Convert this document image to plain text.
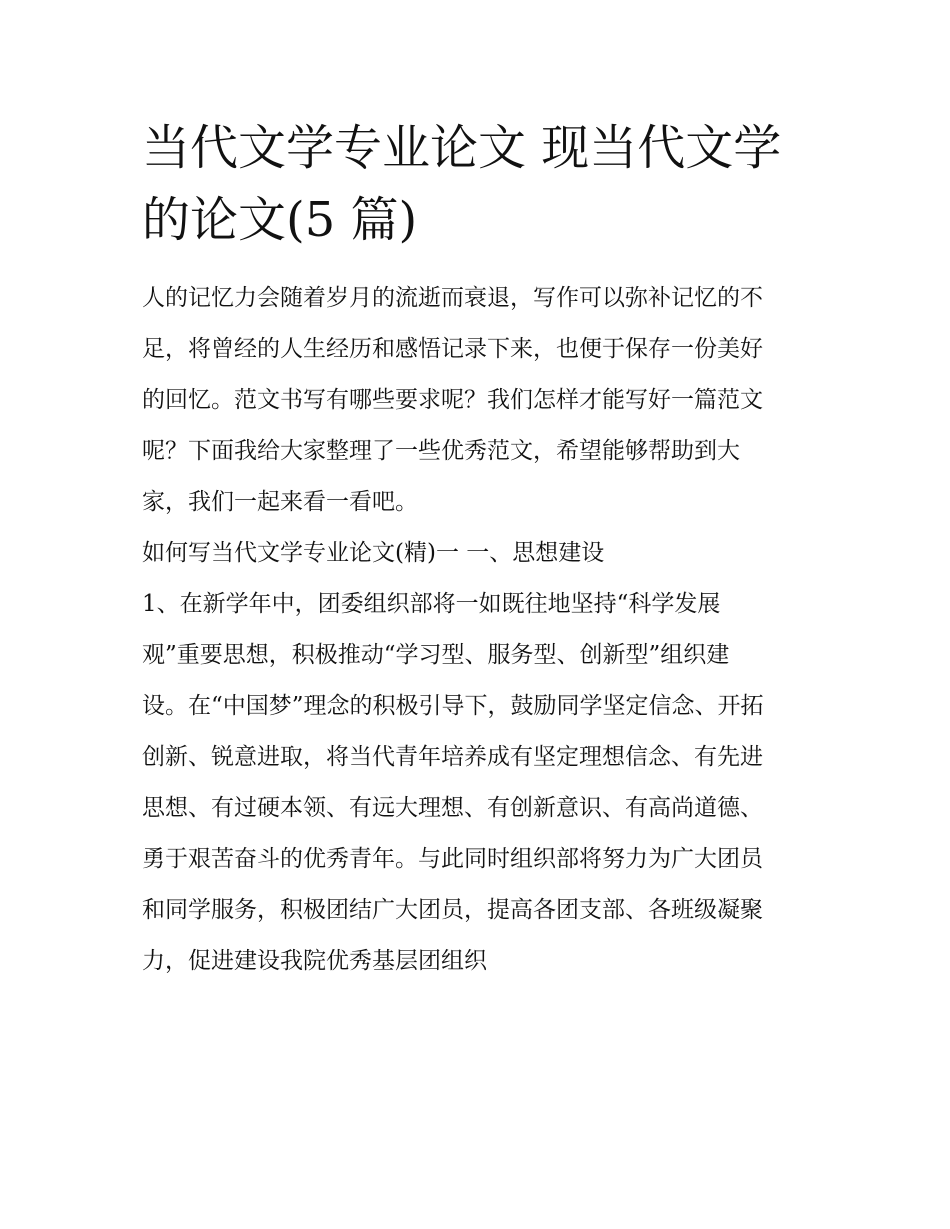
当代文学专业论文 现当代文学
的论文(5 篇)
人的记忆力会随着岁月的流逝而衰退，写作可以弥补记忆的不
足，将曾经的人生经历和感悟记录下来，也便于保存一份美好
的回忆。范文书写有哪些要求呢？我们怎样才能写好一篇范文
呢？下面我给大家整理了一些优秀范文，希望能够帮助到大
家，我们一起来看一看吧。
如何写当代文学专业论文(精)一 一、思想建设
1、在新学年中，团委组织部将一如既往地坚持“科学发展
观”重要思想，积极推动“学习型、服务型、创新型”组织建
设。在“中国梦”理念的积极引导下，鼓励同学坚定信念、开拓
创新、锐意进取，将当代青年培养成有坚定理想信念、有先进
思想、有过硬本领、有远大理想、有创新意识、有高尚道德、
勇于艰苦奋斗的优秀青年。与此同时组织部将努力为广大团员
和同学服务，积极团结广大团员，提高各团支部、各班级凝聚
力，促进建设我院优秀基层团组织
